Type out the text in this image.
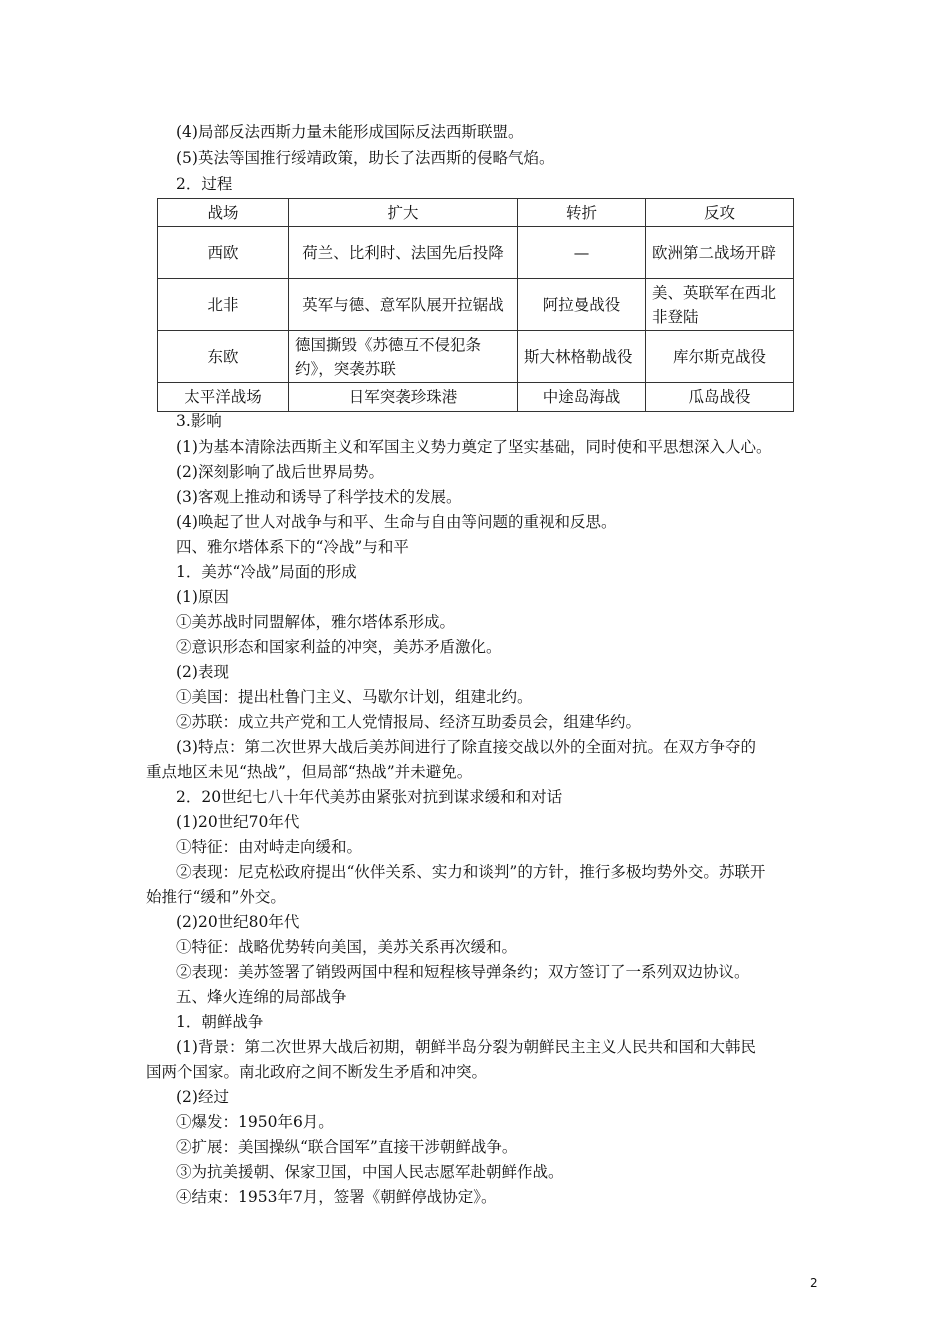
(4)局部反法西斯力量未能形成国际反法西斯联盟。
(5)英法等国推行绥靖政策，助长了法西斯的侵略气焰。
2．过程
战场	扩大	转折	反攻
西欧	荷兰、比利时、法国先后投降	—	欧洲第二战场开辟
北非	英军与德、意军队展开拉锯战	阿拉曼战役	美、英联军在西北非登陆
东欧	德国撕毁《苏德互不侵犯条约》，突袭苏联	斯大林格勒战役	库尔斯克战役
太平洋战场	日军突袭珍珠港	中途岛海战	瓜岛战役
3.影响
(1)为基本清除法西斯主义和军国主义势力奠定了坚实基础，同时使和平思想深入人心。
(2)深刻影响了战后世界局势。
(3)客观上推动和诱导了科学技术的发展。
(4)唤起了世人对战争与和平、生命与自由等问题的重视和反思。
四、雅尔塔体系下的“冷战”与和平
1．美苏“冷战”局面的形成
(1)原因
①美苏战时同盟解体，雅尔塔体系形成。
②意识形态和国家利益的冲突，美苏矛盾激化。
(2)表现
①美国：提出杜鲁门主义、马歇尔计划，组建北约。
②苏联：成立共产党和工人党情报局、经济互助委员会，组建华约。
(3)特点：第二次世界大战后美苏间进行了除直接交战以外的全面对抗。在双方争夺的
重点地区未见“热战”，但局部“热战”并未避免。
2．20世纪七八十年代美苏由紧张对抗到谋求缓和和对话
(1)20世纪70年代
①特征：由对峙走向缓和。
②表现：尼克松政府提出“伙伴关系、实力和谈判”的方针，推行多极均势外交。苏联开
始推行“缓和”外交。
(2)20世纪80年代
①特征：战略优势转向美国，美苏关系再次缓和。
②表现：美苏签署了销毁两国中程和短程核导弹条约；双方签订了一系列双边协议。
五、烽火连绵的局部战争
1．朝鲜战争
(1)背景：第二次世界大战后初期，朝鲜半岛分裂为朝鲜民主主义人民共和国和大韩民
国两个国家。南北政府之间不断发生矛盾和冲突。
(2)经过
①爆发：1950年6月。
②扩展：美国操纵“联合国军”直接干涉朝鲜战争。
③为抗美援朝、保家卫国，中国人民志愿军赴朝鲜作战。
④结束：1953年7月，签署《朝鲜停战协定》。
2
